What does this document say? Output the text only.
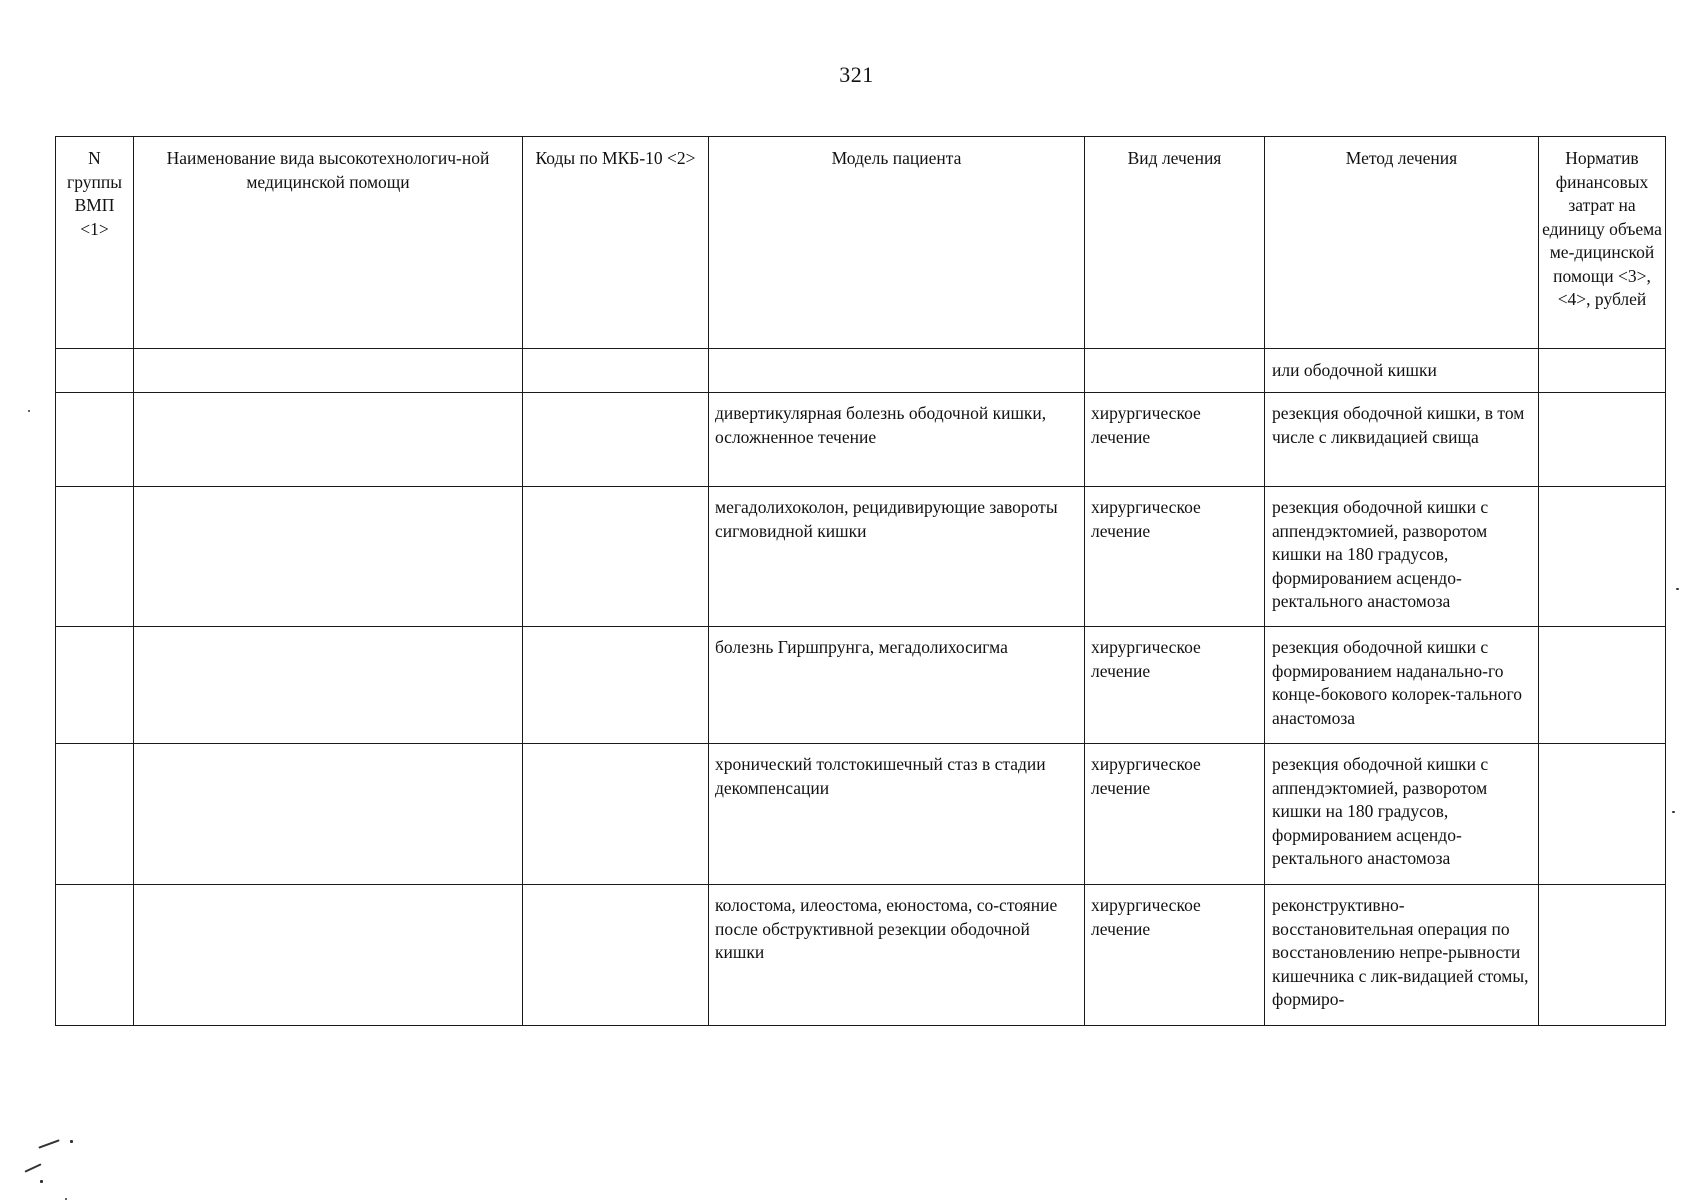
321
N группы ВМП <1>	Наименование вида высокотехнологич-ной медицинской помощи	Коды по МКБ-10 <2>	Модель пациента	Вид лечения	Метод лечения	Норматив финансовых затрат на единицу объема ме-дицинской помощи <3>, <4>, рублей
					или ободочной кишки	
			дивертикулярная болезнь ободочной кишки, осложненное течение	хирургическое лечение	резекция ободочной кишки, в том числе с ликвидацией свища	
			мегадолихоколон, рецидивирующие завороты сигмовидной кишки	хирургическое лечение	резекция ободочной кишки с аппендэктомией, разворотом кишки на 180 градусов, формированием асцендо-ректального анастомоза	
			болезнь Гиршпрунга, мегадолихосигма	хирургическое лечение	резекция ободочной кишки с формированием наданально-го конце-бокового колорек-тального анастомоза	
			хронический толстокишечный стаз в стадии декомпенсации	хирургическое лечение	резекция ободочной кишки с аппендэктомией, разворотом кишки на 180 градусов, формированием асцендо-ректального анастомоза	
			колостома, илеостома, еюностома, со-стояние после обструктивной резекции ободочной кишки	хирургическое лечение	реконструктивно-восстановительная операция по восстановлению непре-рывности кишечника с лик-видацией стомы, формиро-	
